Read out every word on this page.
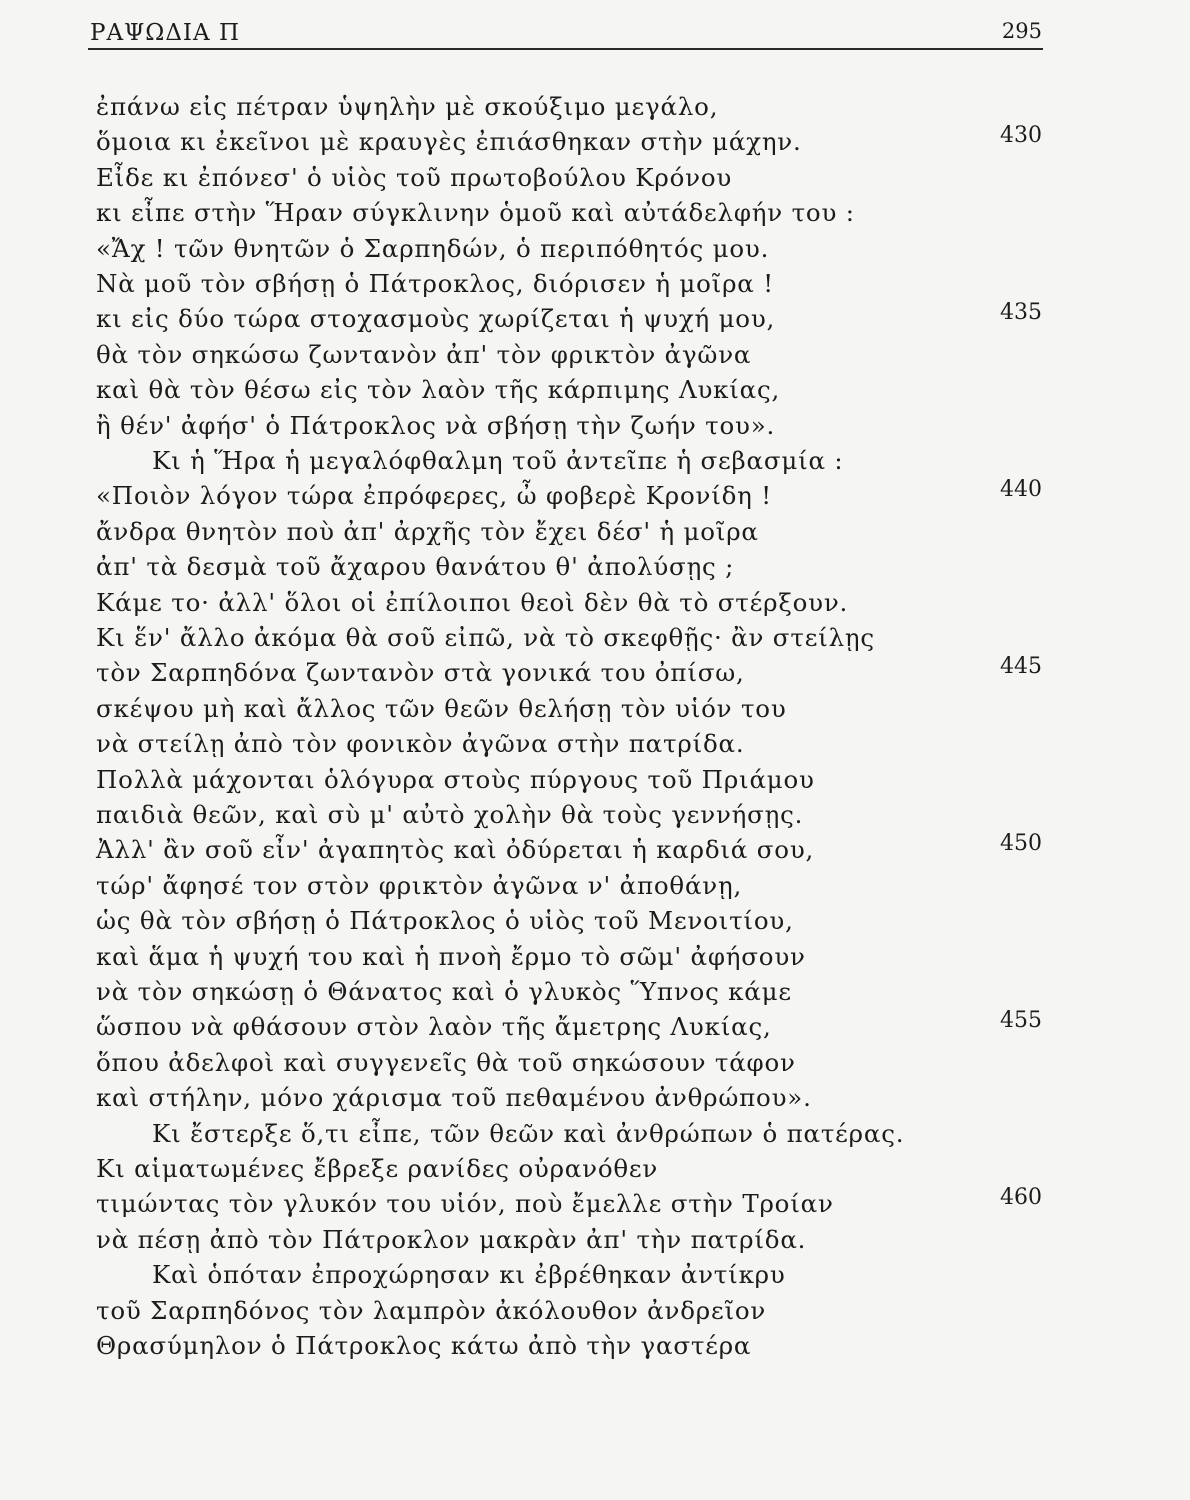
ΡΑΨΩΔΙΑ Π	295
ἐπάνω εἰς πέτραν ὑψηλὴν μὲ σκούξιμο μεγάλο,
ὅμοια κι ἐκεῖνοι μὲ κραυγὲς ἐπιάσθηκαν στὴν μάχην.	430
Εἶδε κι ἐπόνεσ' ὁ υἱὸς τοῦ πρωτοβούλου Κρόνου
κι εἶπε στὴν Ἥραν σύγκλινην ὁμοῦ καὶ αὐτάδελφήν του :
«Ἄχ ! τῶν θνητῶν ὁ Σαρπηδών, ὁ περιπόθητός μου.
Νὰ μοῦ τὸν σβήσῃ ὁ Πάτροκλος, διόρισεν ἡ μοῖρα !
κι εἰς δύο τώρα στοχασμοὺς χωρίζεται ἡ ψυχή μου,	435
θὰ τὸν σηκώσω ζωντανὸν ἀπ' τὸν φρικτὸν ἀγῶνα
καὶ θὰ τὸν θέσω εἰς τὸν λαὸν τῆς κάρπιμης Λυκίας,
ἢ θέν' ἀφήσ' ὁ Πάτροκλος νὰ σβήσῃ τὴν ζωήν του».
Κι ἡ Ἥρα ἡ μεγαλόφθαλμη τοῦ ἀντεῖπε ἡ σεβασμία :
«Ποιὸν λόγον τώρα ἐπρόφερες, ὦ φοβερὲ Κρονίδη !	440
ἄνδρα θνητὸν ποὺ ἀπ' ἀρχῆς τὸν ἔχει δέσ' ἡ μοῖρα
ἀπ' τὰ δεσμὰ τοῦ ἄχαρου θανάτου θ' ἀπολύσῃς ;
Κάμε το· ἀλλ' ὅλοι οἱ ἐπίλοιποι θεοὶ δὲν θὰ τὸ στέρξουν.
Κι ἕν' ἄλλο ἀκόμα θὰ σοῦ εἰπῶ, νὰ τὸ σκεφθῇς· ἂν στείλῃς
τὸν Σαρπηδόνα ζωντανὸν στὰ γονικά του ὀπίσω,	445
σκέψου μὴ καὶ ἄλλος τῶν θεῶν θελήσῃ τὸν υἱόν του
νὰ στείλῃ ἀπὸ τὸν φονικὸν ἀγῶνα στὴν πατρίδα.
Πολλὰ μάχονται ὁλόγυρα στοὺς πύργους τοῦ Πριάμου
παιδιὰ θεῶν, καὶ σὺ μ' αὐτὸ χολὴν θὰ τοὺς γεννήσῃς.
Ἀλλ' ἂν σοῦ εἶν' ἀγαπητὸς καὶ ὀδύρεται ἡ καρδιά σου,	450
τώρ' ἄφησέ τον στὸν φρικτὸν ἀγῶνα ν' ἀποθάνῃ,
ὡς θὰ τὸν σβήσῃ ὁ Πάτροκλος ὁ υἱὸς τοῦ Μενοιτίου,
καὶ ἅμα ἡ ψυχή του καὶ ἡ πνοὴ ἔρμο τὸ σῶμ' ἀφήσουν
νὰ τὸν σηκώσῃ ὁ Θάνατος καὶ ὁ γλυκὸς Ὕπνος κάμε
ὥσπου νὰ φθάσουν στὸν λαὸν τῆς ἄμετρης Λυκίας,	455
ὅπου ἀδελφοὶ καὶ συγγενεῖς θὰ τοῦ σηκώσουν τάφον
καὶ στήλην, μόνο χάρισμα τοῦ πεθαμένου ἀνθρώπου».
Κι ἔστερξε ὅ,τι εἶπε, τῶν θεῶν καὶ ἀνθρώπων ὁ πατέρας.
Κι αἱματωμένες ἔβρεξε ρανίδες οὐρανόθεν
τιμώντας τὸν γλυκόν του υἱόν, ποὺ ἔμελλε στὴν Τροίαν	460
νὰ πέσῃ ἀπὸ τὸν Πάτροκλον μακρὰν ἀπ' τὴν πατρίδα.
Καὶ ὁπόταν ἐπροχώρησαν κι ἐβρέθηκαν ἀντίκρυ
τοῦ Σαρπηδόνος τὸν λαμπρὸν ἀκόλουθον ἀνδρεῖον
Θρασύμηλον ὁ Πάτροκλος κάτω ἀπὸ τὴν γαστέρα
